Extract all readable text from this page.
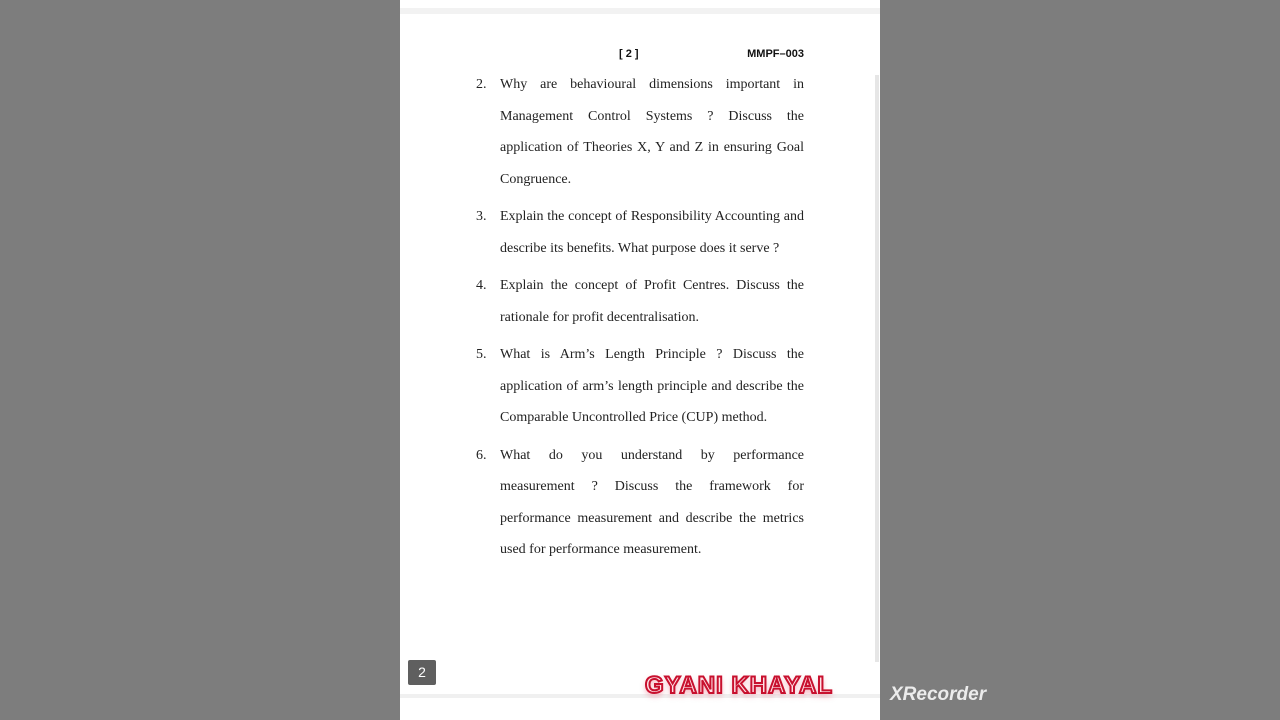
[ 2 ]	MMPF–003
2. Why are behavioural dimensions important in Management Control Systems ? Discuss the application of Theories X, Y and Z in ensuring Goal Congruence.
3. Explain the concept of Responsibility Accounting and describe its benefits. What purpose does it serve ?
4. Explain the concept of Profit Centres. Discuss the rationale for profit decentralisation.
5. What is Arm’s Length Principle ? Discuss the application of arm’s length principle and describe the Comparable Uncontrolled Price (CUP) method.
6. What do you understand by performance measurement ? Discuss the framework for performance measurement and describe the metrics used for performance measurement.
2	GYANI KHAYAL	XRecorder
